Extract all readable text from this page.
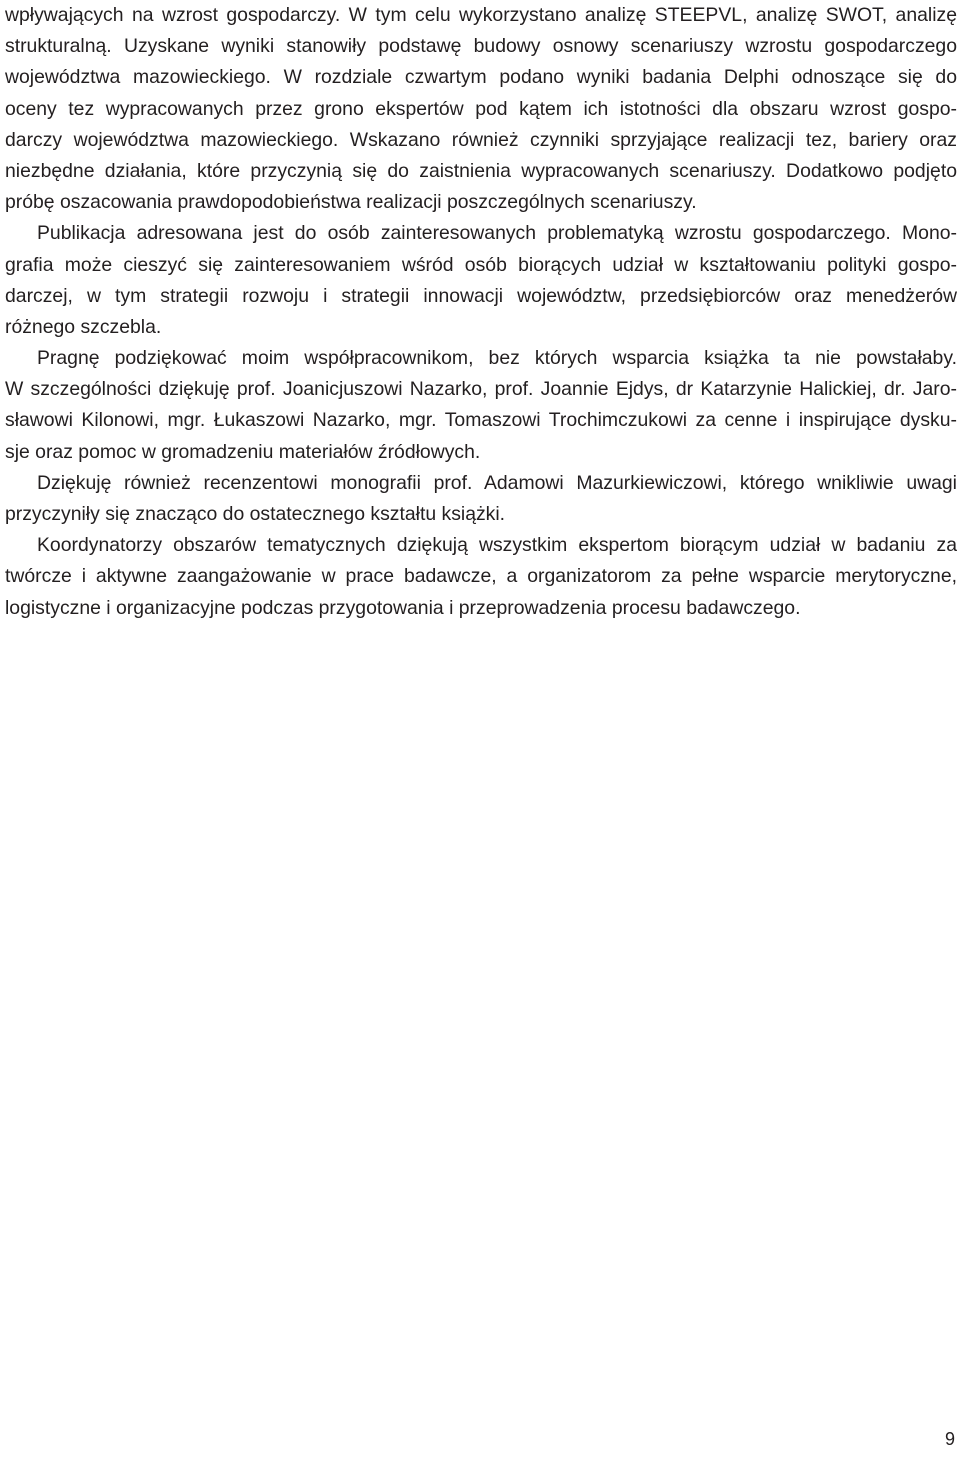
wpływających na wzrost gospodarczy. W tym celu wykorzystano analizę STEEPVL, analizę SWOT, analizę
strukturalną. Uzyskane wyniki stanowiły podstawę budowy osnowy scenariuszy wzrostu gospodarczego
województwa mazowieckiego. W rozdziale czwartym podano wyniki badania Delphi odnoszące się do
oceny tez wypracowanych przez grono ekspertów pod kątem ich istotności dla obszaru wzrost gospo-
darczy województwa mazowieckiego. Wskazano również czynniki sprzyjające realizacji tez, bariery oraz
niezbędne działania, które przyczynią się do zaistnienia wypracowanych scenariuszy. Dodatkowo podjęto
próbę oszacowania prawdopodobieństwa realizacji poszczególnych scenariuszy.
Publikacja adresowana jest do osób zainteresowanych problematyką wzrostu gospodarczego. Mono-
grafia może cieszyć się zainteresowaniem wśród osób biorących udział w kształtowaniu polityki gospo-
darczej, w tym strategii rozwoju i strategii innowacji województw, przedsiębiorców oraz menedżerów
różnego szczebla.
Pragnę podziękować moim współpracownikom, bez których wsparcia książka ta nie powstałaby.
W szczególności dziękuję prof. Joanicjuszowi Nazarko, prof. Joannie Ejdys, dr Katarzynie Halickiej, dr. Jaro-
sławowi Kilonowi, mgr. Łukaszowi Nazarko, mgr. Tomaszowi Trochimczukowi za cenne i inspirujące dysku-
sje oraz pomoc w gromadzeniu materiałów źródłowych.
Dziękuję również recenzentowi monografii prof. Adamowi Mazurkiewiczowi, którego wnikliwie uwagi
przyczyniły się znacząco do ostatecznego kształtu książki.
Koordynatorzy obszarów tematycznych dziękują wszystkim ekspertom biorącym udział w badaniu za
twórcze i aktywne zaangażowanie w prace badawcze, a organizatorom za pełne wsparcie merytoryczne,
logistyczne i organizacyjne podczas przygotowania i przeprowadzenia procesu badawczego.
9
